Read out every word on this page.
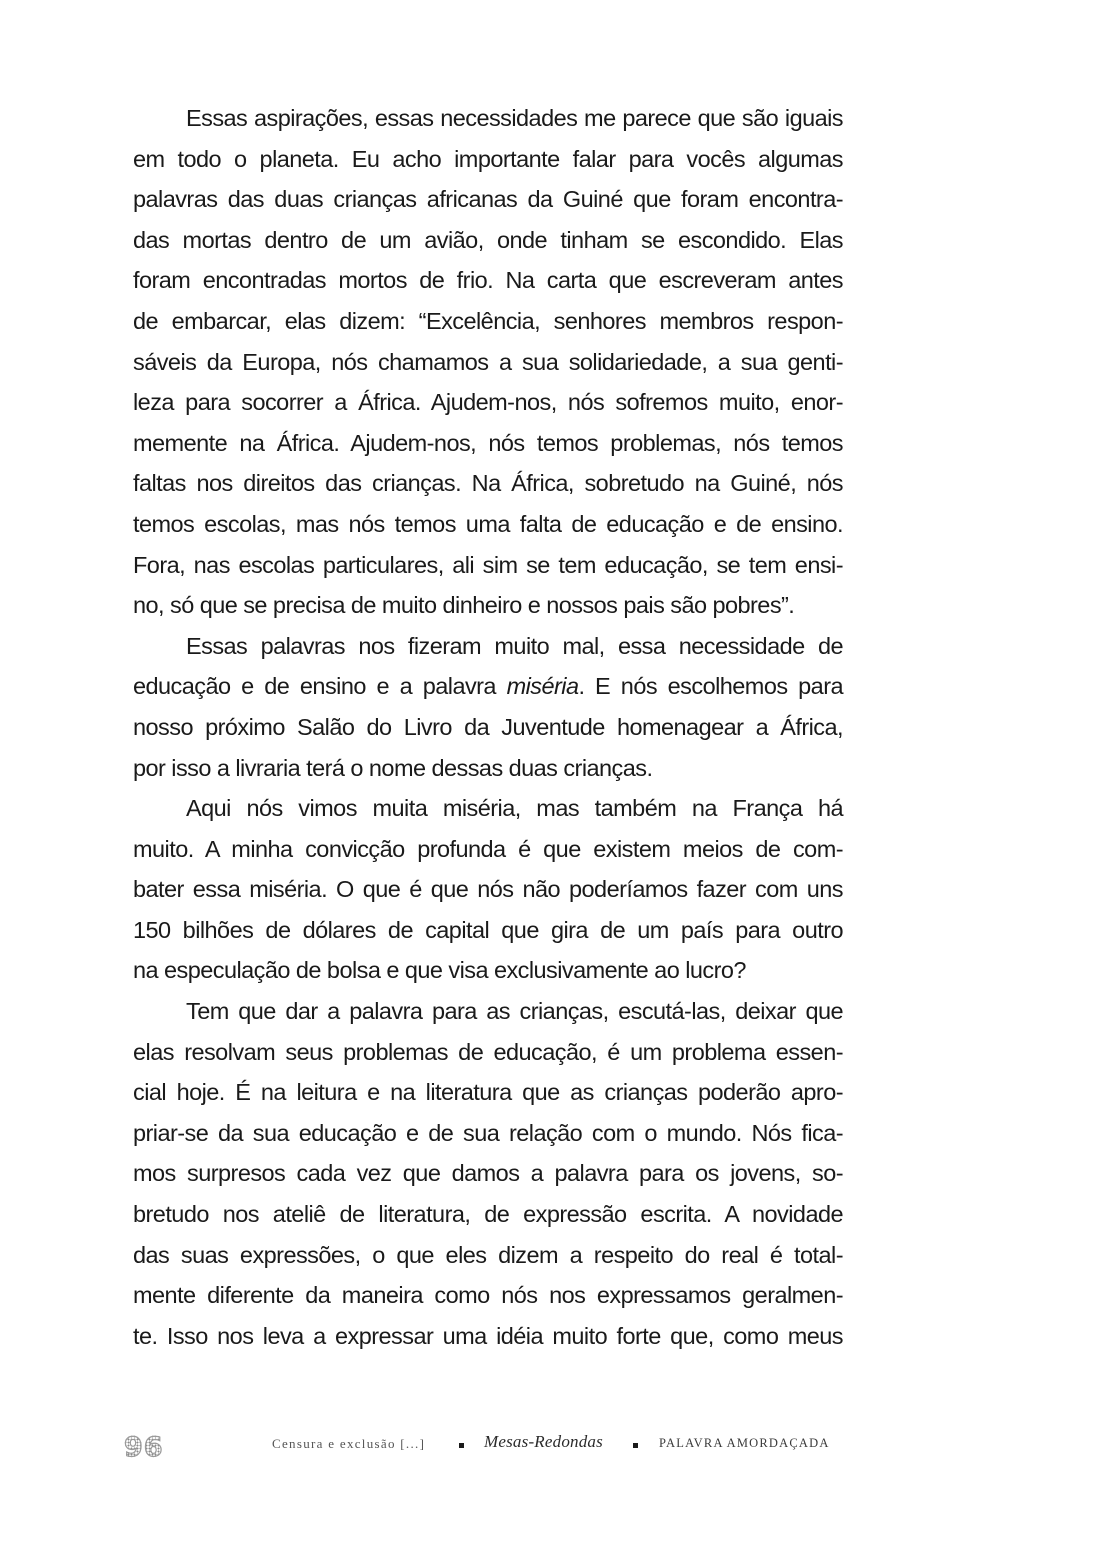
Essas aspirações, essas necessidades me parece que são iguais
em todo o planeta. Eu acho importante falar para vocês algumas
palavras das duas crianças africanas da Guiné que foram encontra-
das mortas dentro de um avião, onde tinham se escondido. Elas
foram encontradas mortos de frio. Na carta que escreveram antes
de embarcar, elas dizem: “Excelência, senhores membros respon-
sáveis da Europa, nós chamamos a sua solidariedade, a sua genti-
leza para socorrer a África. Ajudem-nos, nós sofremos muito, enor-
memente na África. Ajudem-nos, nós temos problemas, nós temos
faltas nos direitos das crianças. Na África, sobretudo na Guiné, nós
temos escolas, mas nós temos uma falta de educação e de ensino.
Fora, nas escolas particulares, ali sim se tem educação, se tem ensi-
no, só que se precisa de muito dinheiro e nossos pais são pobres”.
Essas palavras nos fizeram muito mal, essa necessidade de
educação e de ensino e a palavra miséria. E nós escolhemos para
nosso próximo Salão do Livro da Juventude homenagear a África,
por isso a livraria terá o nome dessas duas crianças.
Aqui nós vimos muita miséria, mas também na França há
muito. A minha convicção profunda é que existem meios de com-
bater essa miséria. O que é que nós não poderíamos fazer com uns
150 bilhões de dólares de capital que gira de um país para outro
na especulação de bolsa e que visa exclusivamente ao lucro?
Tem que dar a palavra para as crianças, escutá-las, deixar que
elas resolvam seus problemas de educação, é um problema essen-
cial hoje. É na leitura e na literatura que as crianças poderão apro-
priar-se da sua educação e de sua relação com o mundo. Nós fica-
mos surpresos cada vez que damos a palavra para os jovens, so-
bretudo nos ateliê de literatura, de expressão escrita. A novidade
das suas expressões, o que eles dizem a respeito do real é total-
mente diferente da maneira como nós nos expressamos geralmen-
te. Isso nos leva a expressar uma idéia muito forte que, como meus
96	Censura e exclusão [...]	Mesas-Redondas	PALAVRA AMORDAÇADA
